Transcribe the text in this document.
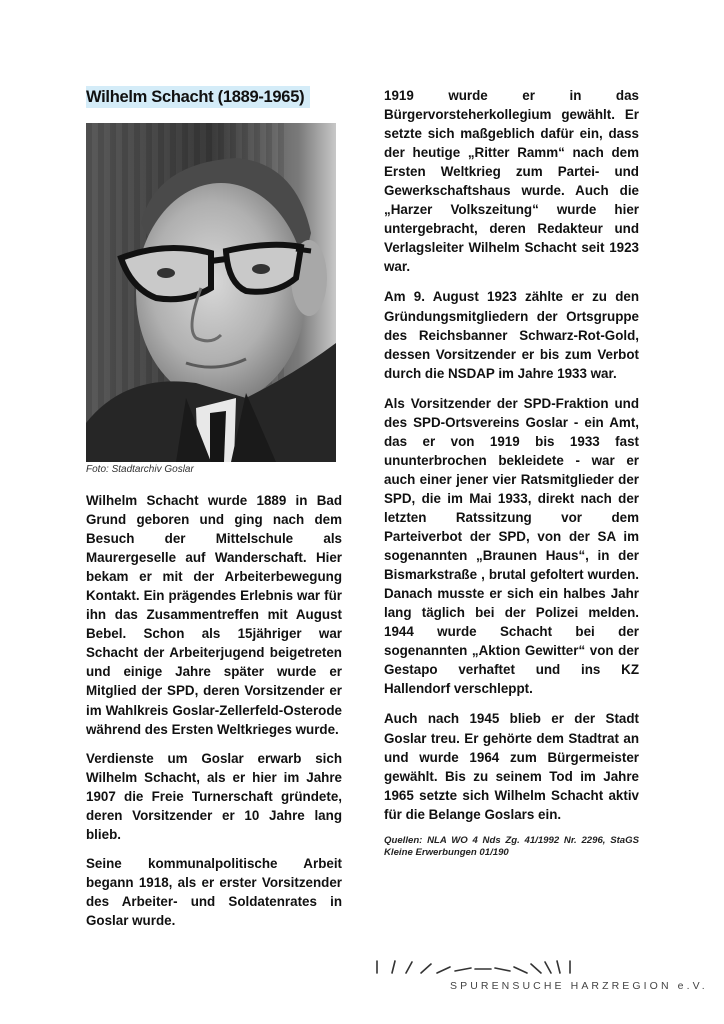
Wilhelm Schacht (1889-1965)
Foto: Stadtarchiv Goslar

Wilhelm Schacht wurde 1889 in Bad Grund geboren und ging nach dem Besuch der Mittelschule als Maurergeselle auf Wanderschaft. Hier bekam er mit der Arbeiterbewegung Kontakt. Ein prägendes Erlebnis war für ihn das Zusammentreffen mit August Bebel. Schon als 15jähriger war Schacht der Arbeiterjugend beigetreten und einige Jahre später wurde er Mitglied der SPD, deren Vorsitzender er im Wahlkreis Goslar-Zellerfeld-Osterode während des Ersten Weltkrieges wurde.

Verdienste um Goslar erwarb sich Wilhelm Schacht, als er hier im Jahre 1907 die Freie Turnerschaft gründete, deren Vorsitzender er 10 Jahre lang blieb.

Seine kommunalpolitische Arbeit begann 1918, als er erster Vorsitzender des Arbeiter- und Soldatenrates in Goslar wurde.

1919 wurde er in das Bürgervorsteherkollegium gewählt. Er setzte sich maßgeblich dafür ein, dass der heutige „Ritter Ramm“ nach dem Ersten Weltkrieg zum Partei- und Gewerkschaftshaus wurde. Auch die „Harzer Volkszeitung“ wurde hier untergebracht, deren Redakteur und Verlagsleiter Wilhelm Schacht seit 1923 war.

Am 9. August 1923 zählte er zu den Gründungsmitgliedern der Ortsgruppe des Reichsbanner Schwarz-Rot-Gold, dessen Vorsitzender er bis zum Verbot durch die NSDAP im Jahre 1933 war.

Als Vorsitzender der SPD-Fraktion und des SPD-Ortsvereins Goslar - ein Amt, das er von 1919 bis 1933 fast ununterbrochen bekleidete - war er auch einer jener vier Ratsmitglieder der SPD, die im Mai 1933, direkt nach der letzten Ratssitzung vor dem Parteiverbot der SPD, von der SA im sogenannten „Braunen Haus“, in der Bismarkstraße , brutal gefoltert wurden. Danach musste er sich ein halbes Jahr lang täglich bei der Polizei melden. 1944 wurde Schacht bei der sogenannten „Aktion Gewitter“ von der Gestapo verhaftet und ins KZ Hallendorf verschleppt.

Auch nach 1945 blieb er der Stadt Goslar treu. Er gehörte dem Stadtrat an und wurde 1964 zum Bürgermeister gewählt. Bis zu seinem Tod im Jahre 1965 setzte sich Wilhelm Schacht aktiv für die Belange Goslars ein.

Quellen: NLA WO 4 Nds Zg. 41/1992 Nr. 2296, StaGS Kleine Erwerbungen 01/190

SPURENSUCHE HARZREGION e.V.
